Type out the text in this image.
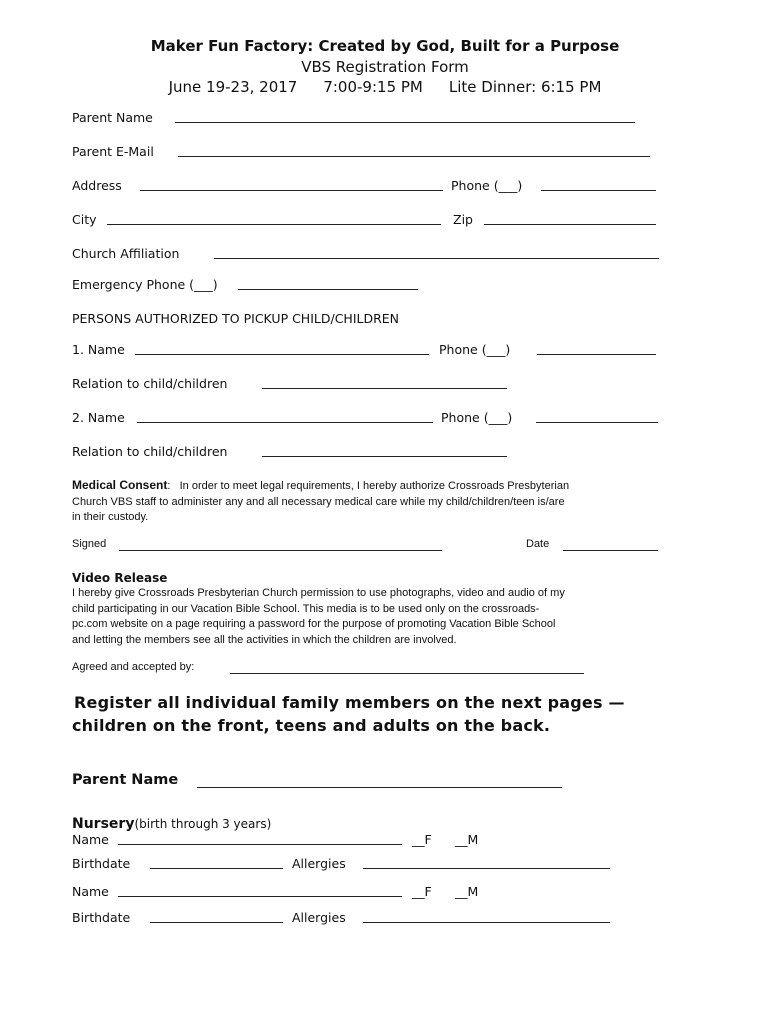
Maker Fun Factory: Created by God, Built for a Purpose
VBS Registration Form
June 19-23, 2017 7:00-9:15 PM Lite Dinner: 6:15 PM
Parent Name
Parent E-Mail
Address	Phone (___)
City	Zip
Church Affiliation
Emergency Phone (___)
PERSONS AUTHORIZED TO PICKUP CHILD/CHILDREN
1. Name	Phone (___)
Relation to child/children
2. Name	Phone (___)
Relation to child/children
Medical Consent: In order to meet legal requirements, I hereby authorize Crossroads Presbyterian
Church VBS staff to administer any and all necessary medical care while my child/children/teen is/are
in their custody.
Signed	Date
Video Release
I hereby give Crossroads Presbyterian Church permission to use photographs, video and audio of my
child participating in our Vacation Bible School. This media is to be used only on the crossroads-
pc.com website on a page requiring a password for the purpose of promoting Vacation Bible School
and letting the members see all the activities in which the children are involved.
Agreed and accepted by:
Register all individual family members on the next pages —
children on the front, teens and adults on the back.
Parent Name
Nursery(birth through 3 years)
Name	__F __M
Birthdate	Allergies
Name	__F __M
Birthdate	Allergies
